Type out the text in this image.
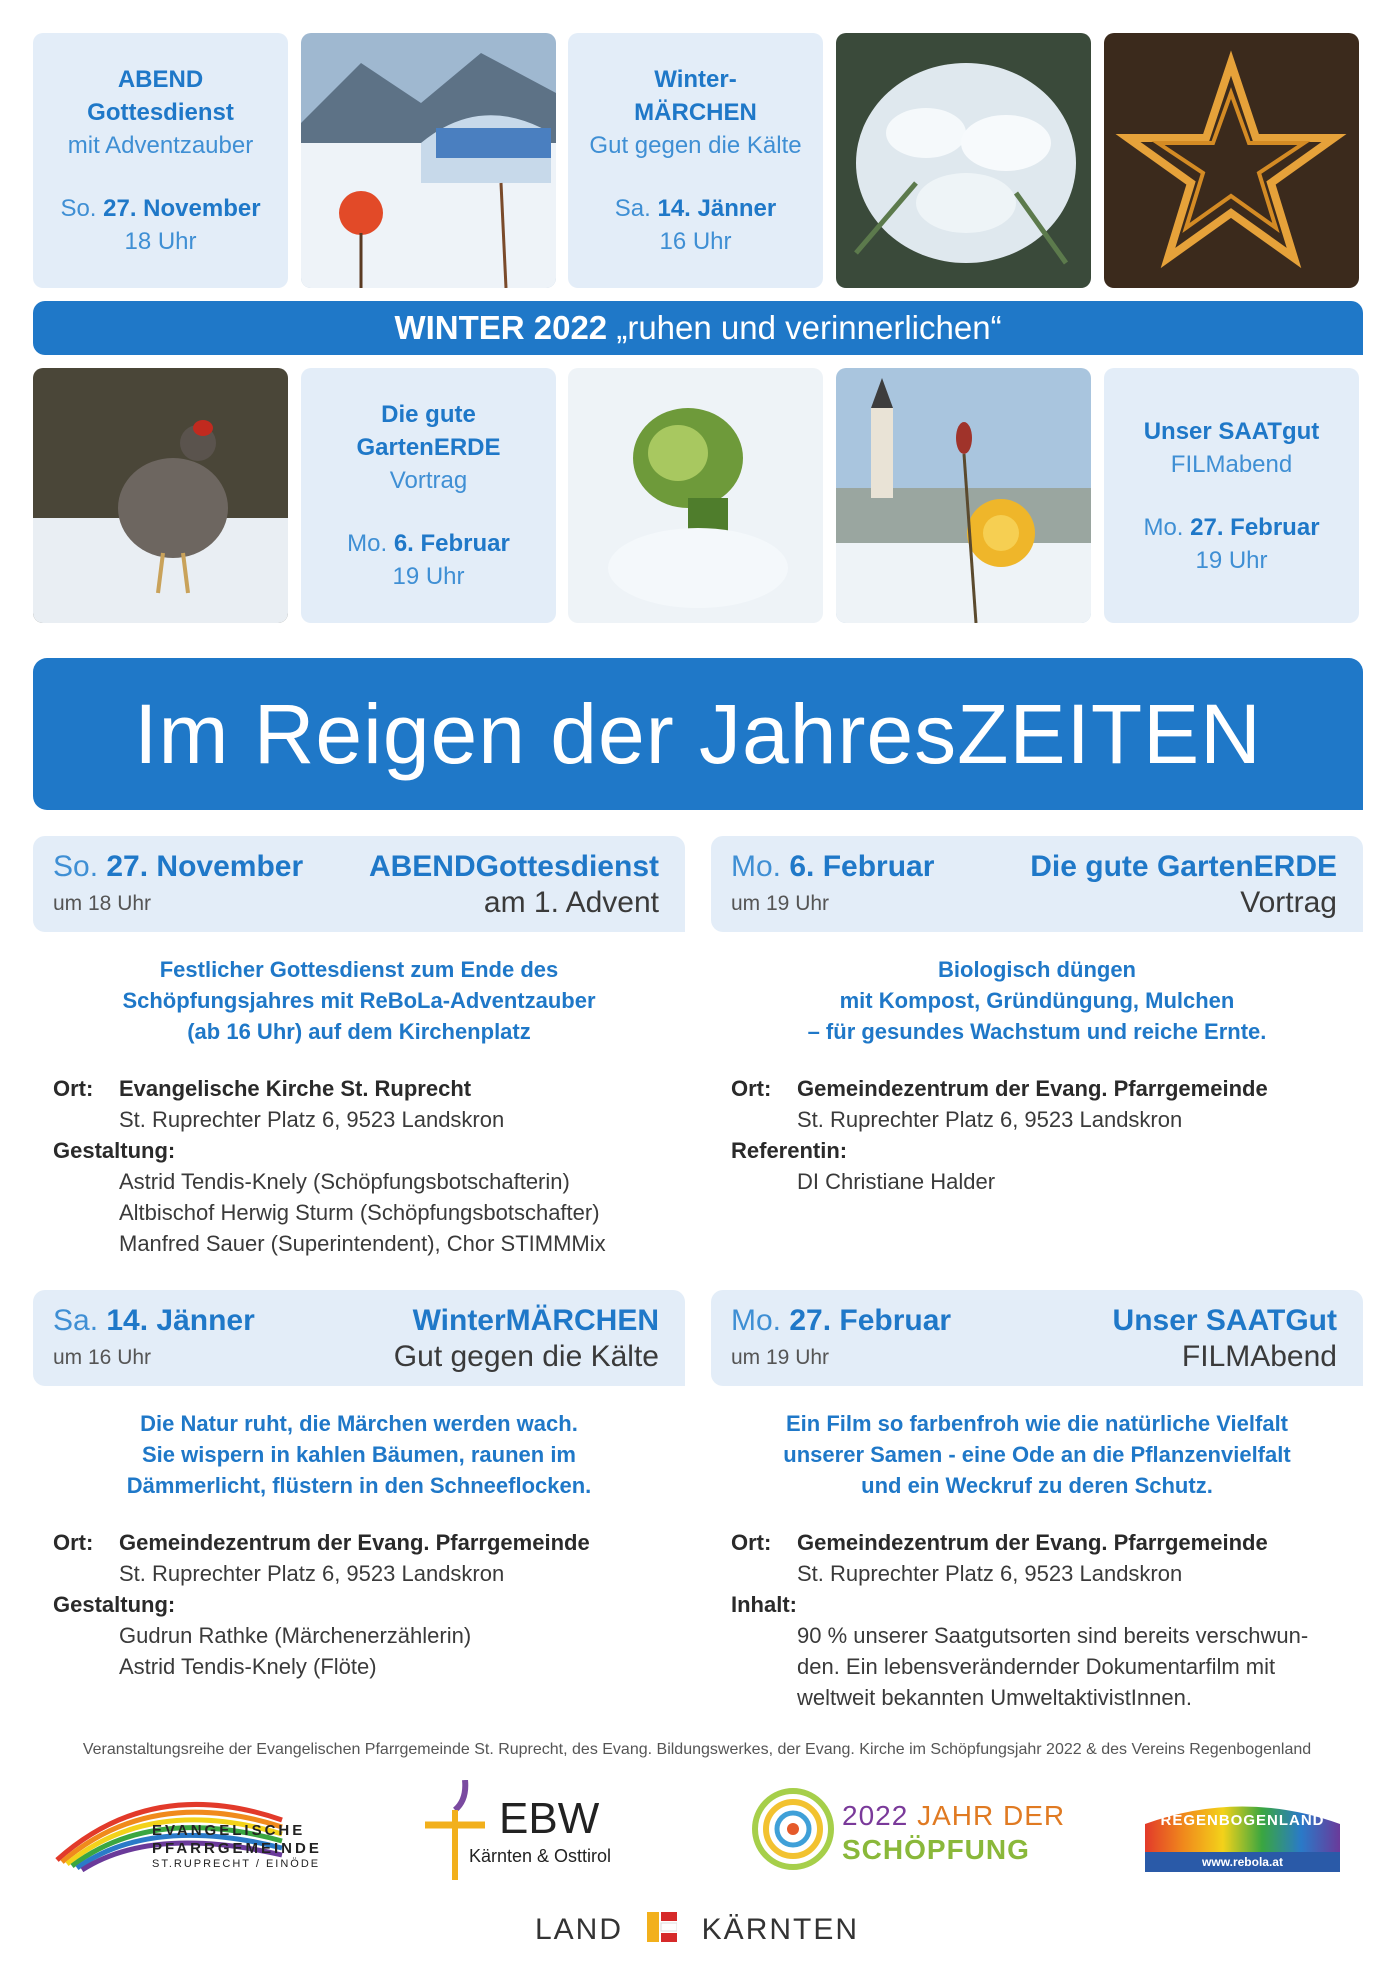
ABEND
Gottesdienst
mit Adventzauber
So. 27. November
18 Uhr
Winter-
MÄRCHEN
Gut gegen die Kälte
Sa. 14. Jänner
16 Uhr
WINTER 2022 „ruhen und verinnerlichen“
Die gute
GartenERDE
Vortrag
Mo. 6. Februar
19 Uhr
Unser SAATgut
FILMabend
Mo. 27. Februar
19 Uhr
Im Reigen der JahresZEITEN
So. 27. November
um 18 Uhr
ABENDGottesdienst
am 1. Advent
Festlicher Gottesdienst zum Ende des
Schöpfungsjahres mit ReBoLa-Adventzauber
(ab 16 Uhr) auf dem Kirchenplatz
Ort:	Evangelische Kirche St. Ruprecht
St. Ruprechter Platz 6, 9523 Landskron
Gestaltung:
Astrid Tendis-Knely (Schöpfungsbotschafterin)
Altbischof Herwig Sturm (Schöpfungsbotschafter)
Manfred Sauer (Superintendent), Chor STIMMMix
Mo. 6. Februar
um 19 Uhr
Die gute GartenERDE
Vortrag
Biologisch düngen
mit Kompost, Gründüngung, Mulchen
– für gesundes Wachstum und reiche Ernte.
Ort:	Gemeindezentrum der Evang. Pfarrgemeinde
St. Ruprechter Platz 6, 9523 Landskron
Referentin:
DI Christiane Halder
Sa. 14. Jänner
um 16 Uhr
WinterMÄRCHEN
Gut gegen die Kälte
Die Natur ruht, die Märchen werden wach.
Sie wispern in kahlen Bäumen, raunen im
Dämmerlicht, flüstern in den Schneeflocken.
Ort:	Gemeindezentrum der Evang. Pfarrgemeinde
St. Ruprechter Platz 6, 9523 Landskron
Gestaltung:
Gudrun Rathke (Märchenerzählerin)
Astrid Tendis-Knely (Flöte)
Mo. 27. Februar
um 19 Uhr
Unser SAATGut
FILMAbend
Ein Film so farbenfroh wie die natürliche Vielfalt
unserer Samen - eine Ode an die Pflanzenvielfalt
und ein Weckruf zu deren Schutz.
Ort:	Gemeindezentrum der Evang. Pfarrgemeinde
St. Ruprechter Platz 6, 9523 Landskron
Inhalt:
90 % unserer Saatgutsorten sind bereits verschwun-
den. Ein lebensverändernder Dokumentarfilm mit
weltweit bekannten UmweltaktivistInnen.
Veranstaltungsreihe der Evangelischen Pfarrgemeinde St. Ruprecht, des Evang. Bildungswerkes, der Evang. Kirche im Schöpfungsjahr 2022 & des Vereins Regenbogenland
EVANGELISCHE
PFARRGEMEINDE
ST.RUPRECHT / EINÖDE
EBW
Kärnten & Osttirol
2022 JAHR DER
SCHÖPFUNG
REGENBOGENLAND
www.rebola.at
LAND	KÄRNTEN
